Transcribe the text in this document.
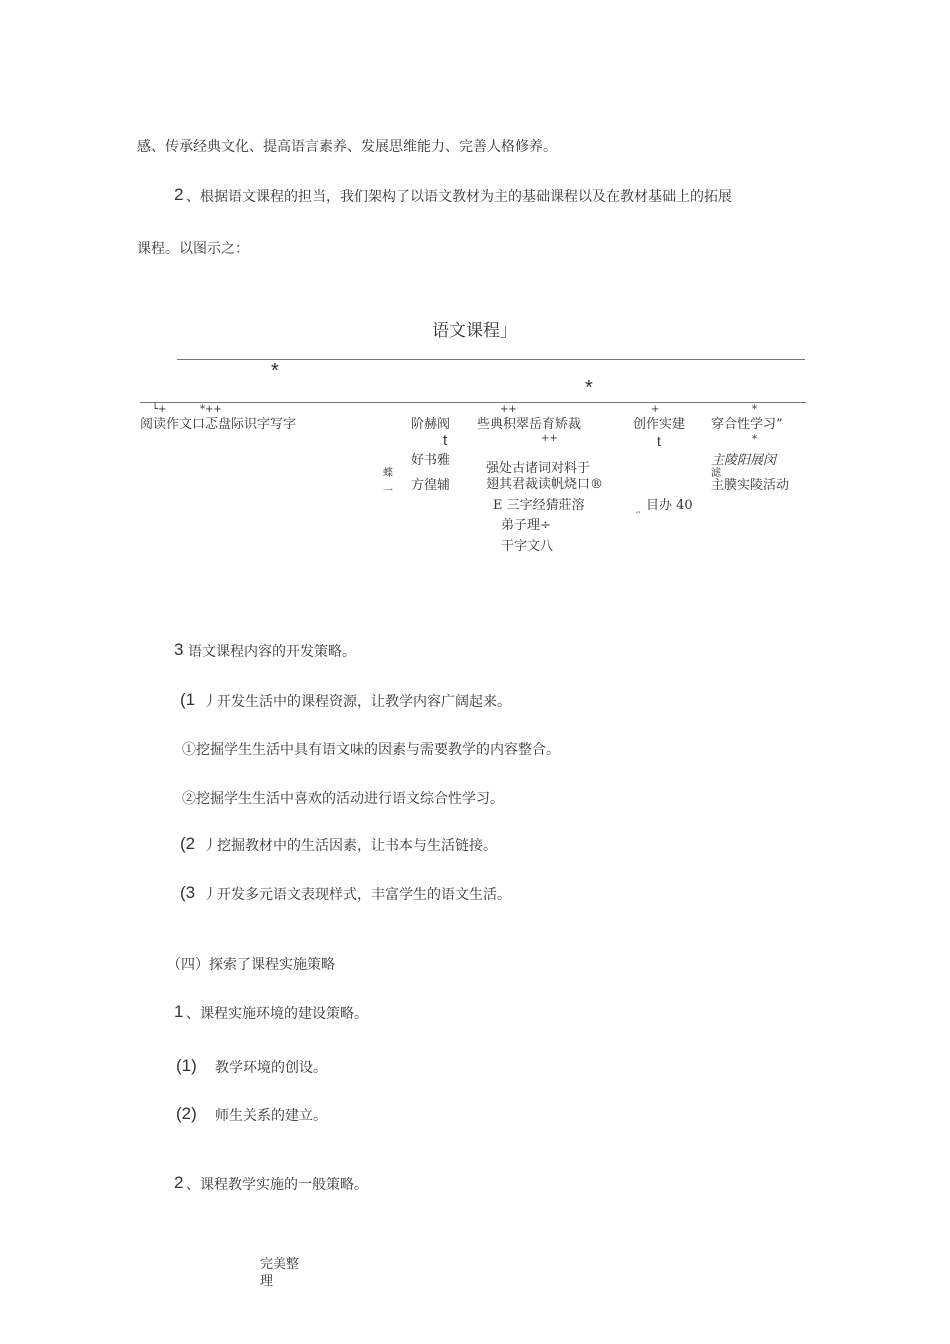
感、传承经典文化、提高语言素养、发展思维能力、完善人格修养。
2 、根据语文课程的担当，我们架构了以语文教材为主的基础课程以及在教材基础上的拓展
课程。以图示之：
语文课程」
*
*
└+	*++
阅读作文口忑盘际识字写字	阶赫阀
t
好书雅
方徨辅
蝶
一
++
些典积翠岳育矫裁
++
强处古诸词对料于
翅其君裁读帆烧口®
E 三字经猜莊溶
弟子理÷
干字文八
+
创作实建
t
目办 40
′′
*
穿合性学习”
*
主陵阳展闵
滤
主膜实陵活动
3 语文课程内容的开发策略。
(1 丿开发生活中的课程资源，让教学内容广阔起来。
①挖掘学生生活中具有语文味的因素与需要教学的内容整合。
②挖掘学生生活中喜欢的活动进行语文综合性学习。
(2 丿挖掘教材中的生活因素，让书本与生活链接。
(3 丿开发多元语文表现样式，丰富学生的语文生活。
（四）探索了课程实施策略
1 、课程实施环境的建设策略。
(1) 教学环境的创设。
(2) 师生关系的建立。
2 、课程教学实施的一般策略。
完美整
理
